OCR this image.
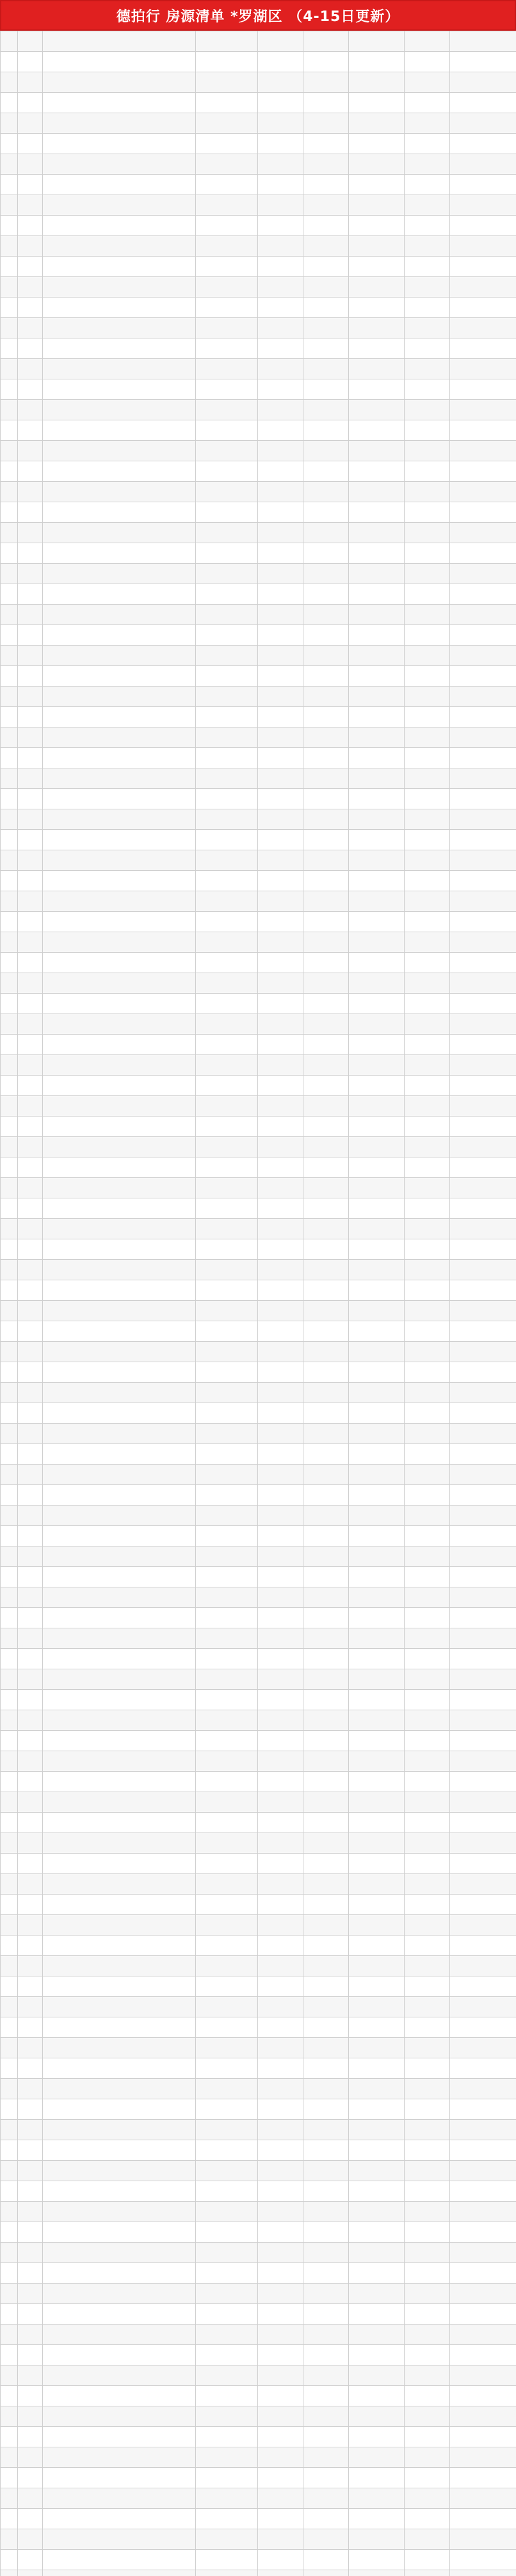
德拍行 房源清单 *罗湖区 （4-15日更新）
